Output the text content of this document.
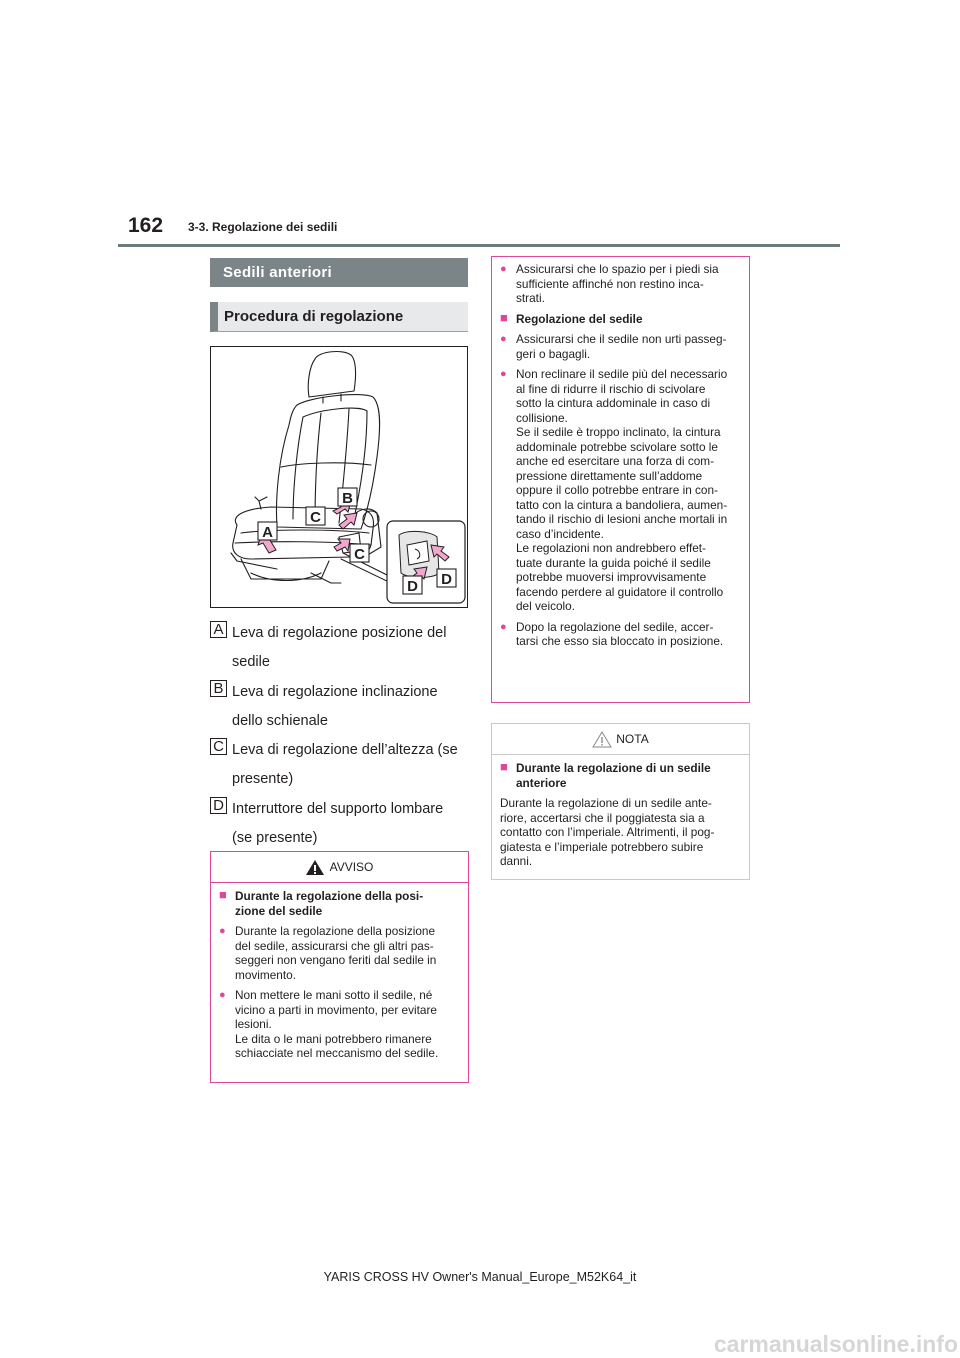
162 3-3. Regolazione dei sedili
Sedili anteriori
Procedura di regolazione
A
B
C
C
D D
A Leva di regolazione posizione del
sedile
B Leva di regolazione inclinazione
dello schienale
C Leva di regolazione dell’altezza (se
presente)
D Interruttore del supporto lombare
(se presente)
AVVISO
■ Durante la regolazione della posi-
zione del sedile
● Durante la regolazione della posizione
del sedile, assicurarsi che gli altri pas-
seggeri non vengano feriti dal sedile in
movimento.
● Non mettere le mani sotto il sedile, né
vicino a parti in movimento, per evitare
lesioni.
Le dita o le mani potrebbero rimanere
schiacciate nel meccanismo del sedile.
● Assicurarsi che lo spazio per i piedi sia
sufficiente affinché non restino inca-
strati.
■ Regolazione del sedile
● Assicurarsi che il sedile non urti passeg-
geri o bagagli.
● Non reclinare il sedile più del necessario
al fine di ridurre il rischio di scivolare
sotto la cintura addominale in caso di
collisione.
Se il sedile è troppo inclinato, la cintura
addominale potrebbe scivolare sotto le
anche ed esercitare una forza di com-
pressione direttamente sull’addome
oppure il collo potrebbe entrare in con-
tatto con la cintura a bandoliera, aumen-
tando il rischio di lesioni anche mortali in
caso d’incidente.
Le regolazioni non andrebbero effet-
tuate durante la guida poiché il sedile
potrebbe muoversi improvvisamente
facendo perdere al guidatore il controllo
del veicolo.
● Dopo la regolazione del sedile, accer-
tarsi che esso sia bloccato in posizione.
NOTA
■ Durante la regolazione di un sedile
anteriore
Durante la regolazione di un sedile ante-
riore, accertarsi che il poggiatesta sia a
contatto con l’imperiale. Altrimenti, il pog-
giatesta e l’imperiale potrebbero subire
danni.
YARIS CROSS HV Owner's Manual_Europe_M52K64_it
carmanualsonline.info
